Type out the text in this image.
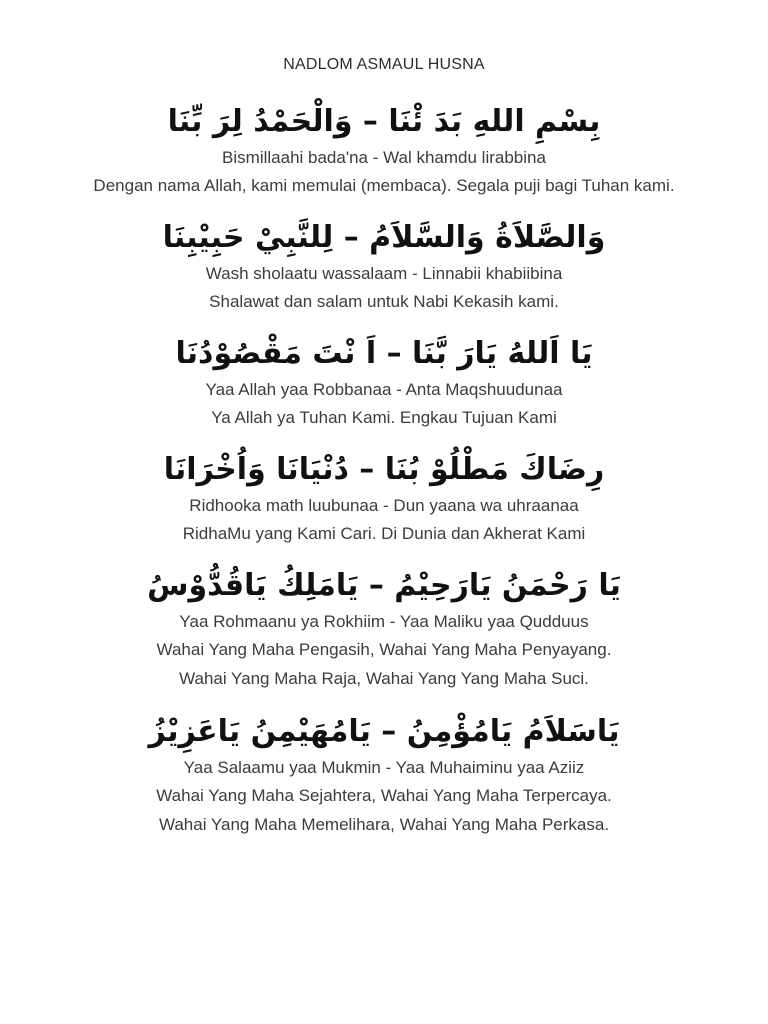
NADLOM ASMAUL HUSNA
بِسْمِ اللهِ بَدَ ئْنَا – وَالْحَمْدُ لِرَ بِّنَا
Bismillaahi bada'na - Wal khamdu lirabbina
Dengan nama Allah, kami memulai (membaca). Segala puji bagi Tuhan kami.
وَالصَّلاَةُ وَالسَّلاَمُ – لِلنَّبِيْ حَبِيْبِنَا
Wash sholaatu wassalaam - Linnabii khabiibina
Shalawat dan salam untuk Nabi Kekasih kami.
يَا اَللهُ يَارَ بَّنَا – اَ نْتَ مَقْصُوْدُنَا
Yaa Allah yaa Robbanaa - Anta Maqshuudunaa
Ya Allah ya Tuhan Kami. Engkau Tujuan Kami
رِضَاكَ مَطْلُوْ بُنَا – دُنْيَانَا وَاُخْرَانَا
Ridhooka math luubunaa - Dun yaana wa uhraanaa
RidhaMu yang Kami Cari. Di Dunia dan Akherat Kami
يَا رَحْمَنُ يَارَحِيْمُ – يَامَلِكُ يَاقُدُّوْسُ
Yaa Rohmaanu ya Rokhiim - Yaa Maliku yaa Qudduus
Wahai Yang Maha Pengasih, Wahai Yang Maha Penyayang.
Wahai Yang Maha Raja, Wahai Yang Yang Maha Suci.
يَاسَلاَمُ يَامُؤْمِنُ – يَامُهَيْمِنُ يَاعَزِيْزُ
Yaa Salaamu yaa Mukmin - Yaa Muhaiminu yaa Aziiz
Wahai Yang Maha Sejahtera, Wahai Yang Maha Terpercaya.
Wahai Yang Maha Memelihara, Wahai Yang Maha Perkasa.
